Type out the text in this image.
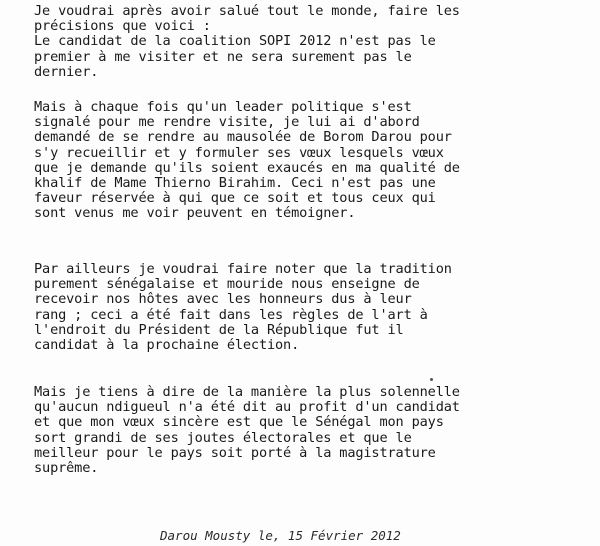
Je voudrai après avoir salué tout le monde, faire les
précisions que voici :
Le candidat de la coalition SOPI 2012 n'est pas le
premier à me visiter et ne sera surement pas le
dernier.
Mais à chaque fois qu'un leader politique s'est
signalé pour me rendre visite, je lui ai d'abord
demandé de se rendre au mausolée de Borom Darou pour
s'y recueillir et y formuler ses vœux lesquels vœux
que je demande qu'ils soient exaucés en ma qualité de
khalif de Mame Thierno Birahim. Ceci n'est pas une
faveur réservée à qui que ce soit et tous ceux qui
sont venus me voir peuvent en témoigner.
Par ailleurs je voudrai faire noter que la tradition
purement sénégalaise et mouride nous enseigne de
recevoir nos hôtes avec les honneurs dus à leur
rang ; ceci a été fait dans les règles de l'art à
l'endroit du Président de la République fut il
candidat à la prochaine élection.
Mais je tiens à dire de la manière la plus solennelle
qu'aucun ndigueul n'a été dit au profit d'un candidat
et que mon vœux sincère est que le Sénégal mon pays
sort grandi de ses joutes électorales et que le
meilleur pour le pays soit porté à la magistrature
suprême.
Darou Mousty le, 15 Février 2012
